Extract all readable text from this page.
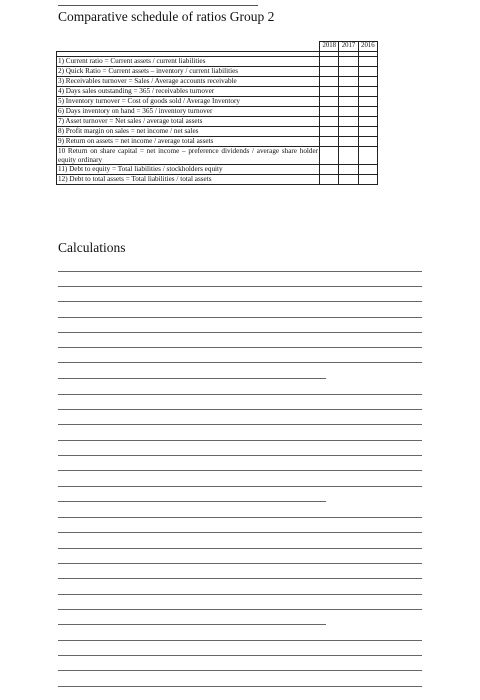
Comparative schedule of ratios Group 2
	2018	2017	2016

1) Current ratio = Current assets / current liabilities			
2) Quick Ratio = Current assets – inventory / current liabilities			
3) Receivables turnover = Sales / Average accounts receivable			
4) Days sales outstanding = 365 / receivables turnover			
5) Inventory turnover = Cost of goods sold / Average Inventory			
6) Days inventory on hand = 365 / inventory turnover			
7) Asset turnover = Net sales / average total assets			
8) Profit margin on sales = net income / net sales			
9) Return on assets = net income / average total assets			
10 Return on share capital = net income – preference dividends / average share holder equity ordinary			
11) Debt to equity = Total liabilities / stockholders equity			
12) Debt to total assets = Total liabilities / total assets			
Calculations
